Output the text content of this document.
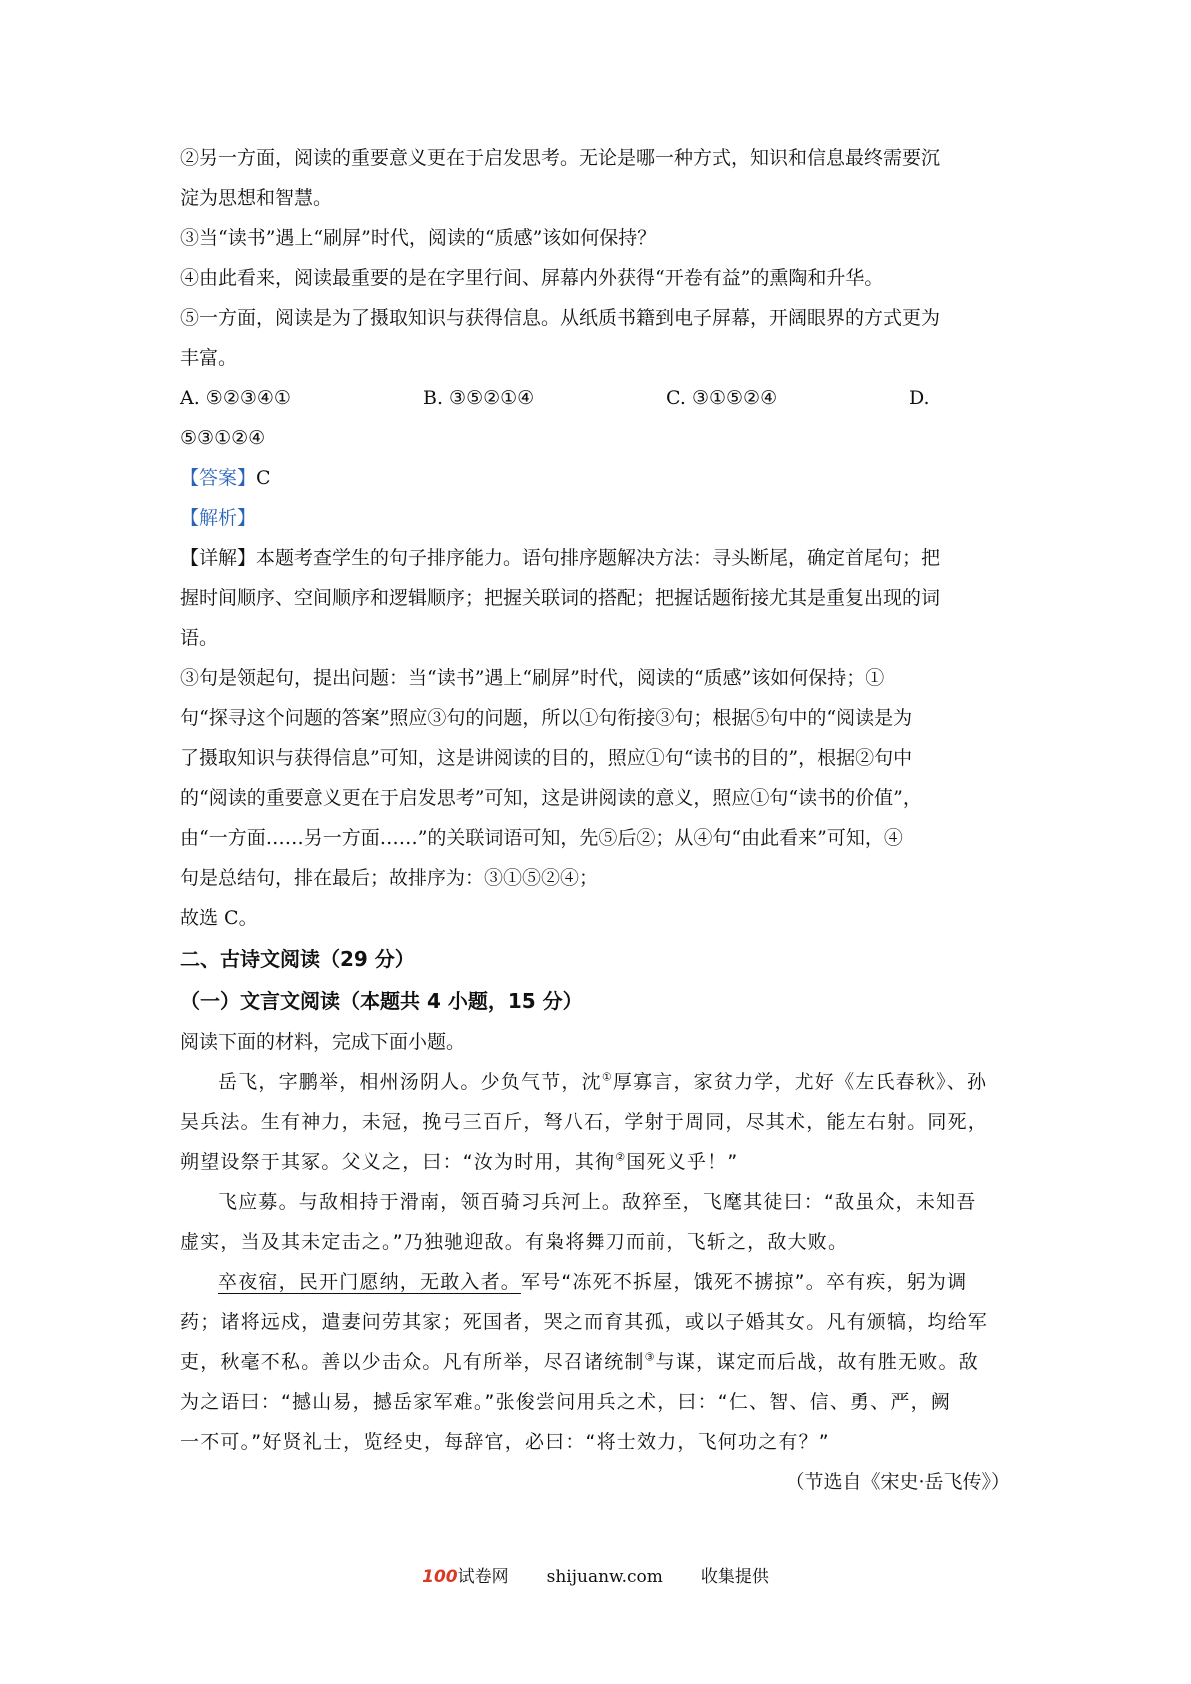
②另一方面，阅读的重要意义更在于启发思考。无论是哪一种方式，知识和信息最终需要沉
淀为思想和智慧。
③当“读书”遇上“刷屏”时代，阅读的“质感”该如何保持？
④由此看来，阅读最重要的是在字里行间、屏幕内外获得“开卷有益”的熏陶和升华。
⑤一方面，阅读是为了摄取知识与获得信息。从纸质书籍到电子屏幕，开阔眼界的方式更为
丰富。
A. ⑤②③④①	B. ③⑤②①④	C. ③①⑤②④	D.
⑤③①②④
【答案】C
【解析】
【详解】本题考查学生的句子排序能力。语句排序题解决方法：寻头断尾，确定首尾句；把
握时间顺序、空间顺序和逻辑顺序；把握关联词的搭配；把握话题衔接尤其是重复出现的词
语。
③句是领起句，提出问题：当“读书”遇上“刷屏”时代，阅读的“质感”该如何保持；①
句“探寻这个问题的答案”照应③句的问题，所以①句衔接③句；根据⑤句中的“阅读是为
了摄取知识与获得信息”可知，这是讲阅读的目的，照应①句“读书的目的”，根据②句中
的“阅读的重要意义更在于启发思考”可知，这是讲阅读的意义，照应①句“读书的价值”，
由“一方面……另一方面……”的关联词语可知，先⑤后②；从④句“由此看来”可知，④
句是总结句，排在最后；故排序为：③①⑤②④；
故选 C。
二、古诗文阅读（29 分）
（一）文言文阅读（本题共 4 小题，15 分）
阅读下面的材料，完成下面小题。
岳飞，字鹏举，相州汤阴人。少负气节，沈①厚寡言，家贫力学，尤好《左氏春秋》、孙
吴兵法。生有神力，未冠，挽弓三百斤，弩八石，学射于周同，尽其术，能左右射。同死，
朔望设祭于其冢。父义之，曰：“汝为时用，其徇②国死义乎！”
飞应募。与敌相持于滑南，领百骑习兵河上。敌猝至，飞麾其徒曰：“敌虽众，未知吾
虚实，当及其未定击之。”乃独驰迎敌。有枭将舞刀而前，飞斩之，敌大败。
卒夜宿，民开门愿纳，无敢入者。军号“冻死不拆屋，饿死不掳掠”。卒有疾，躬为调
药；诸将远戍，遣妻问劳其家；死国者，哭之而育其孤，或以子婚其女。凡有颁犒，均给军
吏，秋毫不私。善以少击众。凡有所举，尽召诸统制③与谋，谋定而后战，故有胜无败。敌
为之语曰：“撼山易，撼岳家军难。”张俊尝问用兵之术，曰：“仁、智、信、勇、严，阙
一不可。”好贤礼士，览经史，每辞官，必曰：“将士效力，飞何功之有？”
（节选自《宋史·岳飞传》）
100试卷网 shijuanw.com 收集提供
